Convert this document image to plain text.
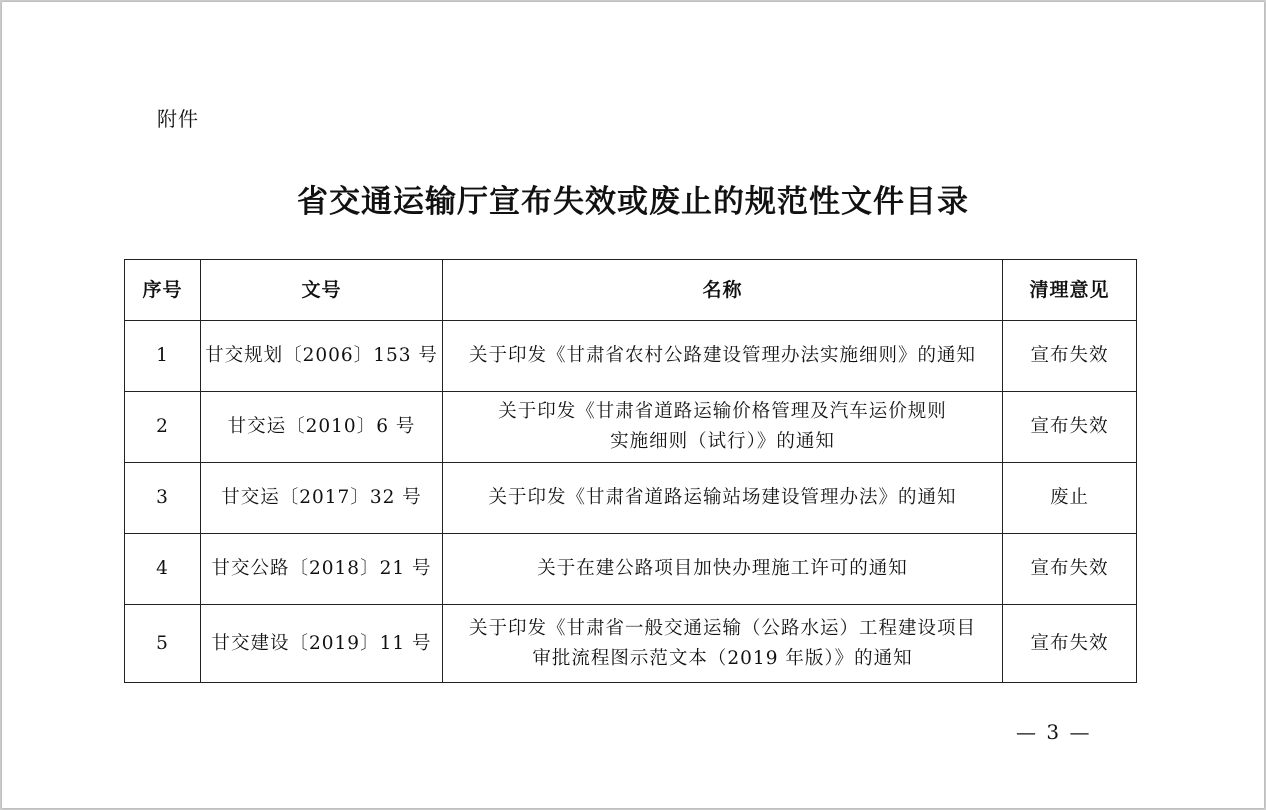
附件
省交通运输厅宣布失效或废止的规范性文件目录
序号	文号	名称	清理意见
1	甘交规划〔2006〕153 号	关于印发《甘肃省农村公路建设管理办法实施细则》的通知	宣布失效
2	甘交运〔2010〕6 号	关于印发《甘肃省道路运输价格管理及汽车运价规则
实施细则（试行）》的通知	宣布失效
3	甘交运〔2017〕32 号	关于印发《甘肃省道路运输站场建设管理办法》的通知	废止
4	甘交公路〔2018〕21 号	关于在建公路项目加快办理施工许可的通知	宣布失效
5	甘交建设〔2019〕11 号	关于印发《甘肃省一般交通运输（公路水运）工程建设项目
审批流程图示范文本（2019 年版）》的通知	宣布失效
— 3 —
